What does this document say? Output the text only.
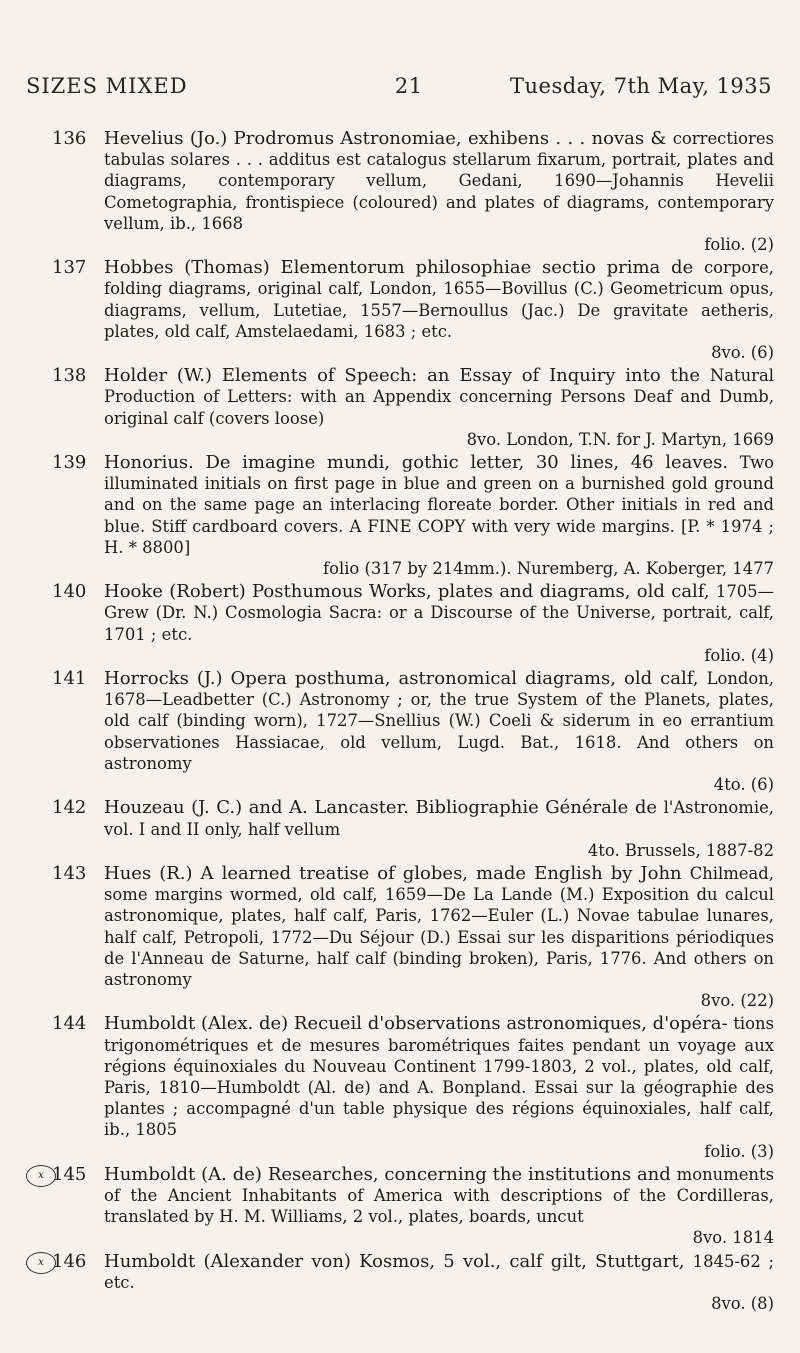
SIZES MIXED	21	Tuesday, 7th May, 1935
136 Hevelius (Jo.) Prodromus Astronomiae, exhibens . . . novas & correctiores tabulas solares . . . additus est catalogus stellarum fixarum, portrait, plates and diagrams, contemporary vellum, Gedani, 1690—Johannis Hevelii Cometographia, frontispiece (coloured) and plates of diagrams, contemporary vellum, ib., 1668
folio. (2)
137 Hobbes (Thomas) Elementorum philosophiae sectio prima de corpore, folding diagrams, original calf, London, 1655—Bovillus (C.) Geometricum opus, diagrams, vellum, Lutetiae, 1557—Bernoullus (Jac.) De gravitate aetheris, plates, old calf, Amstelaedami, 1683 ; etc.
8vo. (6)
138 Holder (W.) Elements of Speech: an Essay of Inquiry into the Natural Production of Letters: with an Appendix concerning Persons Deaf and Dumb, original calf (covers loose)
8vo. London, T.N. for J. Martyn, 1669
139 Honorius. De imagine mundi, gothic letter, 30 lines, 46 leaves. Two illuminated initials on first page in blue and green on a burnished gold ground and on the same page an interlacing floreate border. Other initials in red and blue. Stiff cardboard covers. A FINE COPY with very wide margins. [P. * 1974 ; H. * 8800]
folio (317 by 214mm.). Nuremberg, A. Koberger, 1477
140 Hooke (Robert) Posthumous Works, plates and diagrams, old calf, 1705—Grew (Dr. N.) Cosmologia Sacra: or a Discourse of the Universe, portrait, calf, 1701 ; etc.
folio. (4)
141 Horrocks (J.) Opera posthuma, astronomical diagrams, old calf, London, 1678—Leadbetter (C.) Astronomy ; or, the true System of the Planets, plates, old calf (binding worn), 1727—Snellius (W.) Coeli & siderum in eo errantium observationes Hassiacae, old vellum, Lugd. Bat., 1618. And others on astronomy
4to. (6)
142 Houzeau (J. C.) and A. Lancaster. Bibliographie Générale de l'Astronomie, vol. I and II only, half vellum
4to. Brussels, 1887-82
143 Hues (R.) A learned treatise of globes, made English by John Chilmead, some margins wormed, old calf, 1659—De La Lande (M.) Exposition du calcul astronomique, plates, half calf, Paris, 1762—Euler (L.) Novae tabulae lunares, half calf, Petropoli, 1772—Du Séjour (D.) Essai sur les disparitions périodiques de l'Anneau de Saturne, half calf (binding broken), Paris, 1776. And others on astronomy
8vo. (22)
144 Humboldt (Alex. de) Recueil d'observations astronomiques, d'opéra- tions trigonométriques et de mesures barométriques faites pendant un voyage aux régions équinoxiales du Nouveau Continent 1799-1803, 2 vol., plates, old calf, Paris, 1810—Humboldt (Al. de) and A. Bonpland. Essai sur la géographie des plantes ; accompagné d'un table physique des régions équinoxiales, half calf, ib., 1805
folio. (3)
x 145 Humboldt (A. de) Researches, concerning the institutions and monuments of the Ancient Inhabitants of America with descriptions of the Cordilleras, translated by H. M. Williams, 2 vol., plates, boards, uncut
8vo. 1814
x 146 Humboldt (Alexander von) Kosmos, 5 vol., calf gilt, Stuttgart, 1845-62 ; etc.
8vo. (8)
